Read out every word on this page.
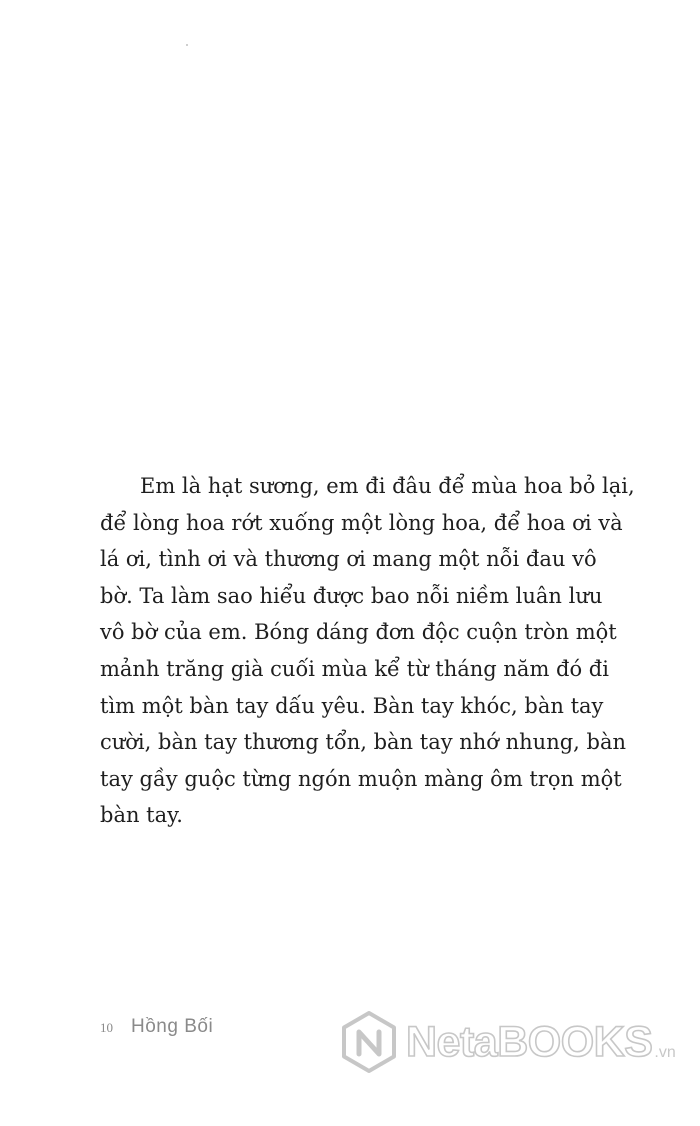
Em là hạt sương, em đi đâu để mùa hoa bỏ lại,
để lòng hoa rớt xuống một lòng hoa, để hoa ơi và
lá ơi, tình ơi và thương ơi mang một nỗi đau vô
bờ. Ta làm sao hiểu được bao nỗi niềm luân lưu
vô bờ của em. Bóng dáng đơn độc cuộn tròn một
mảnh trăng già cuối mùa kể từ tháng năm đó đi
tìm một bàn tay dấu yêu. Bàn tay khóc, bàn tay
cười, bàn tay thương tổn, bàn tay nhớ nhung, bàn
tay gầy guộc từng ngón muộn màng ôm trọn một
bàn tay.
10 Hồng Bối	NetaBOOKS .vn
